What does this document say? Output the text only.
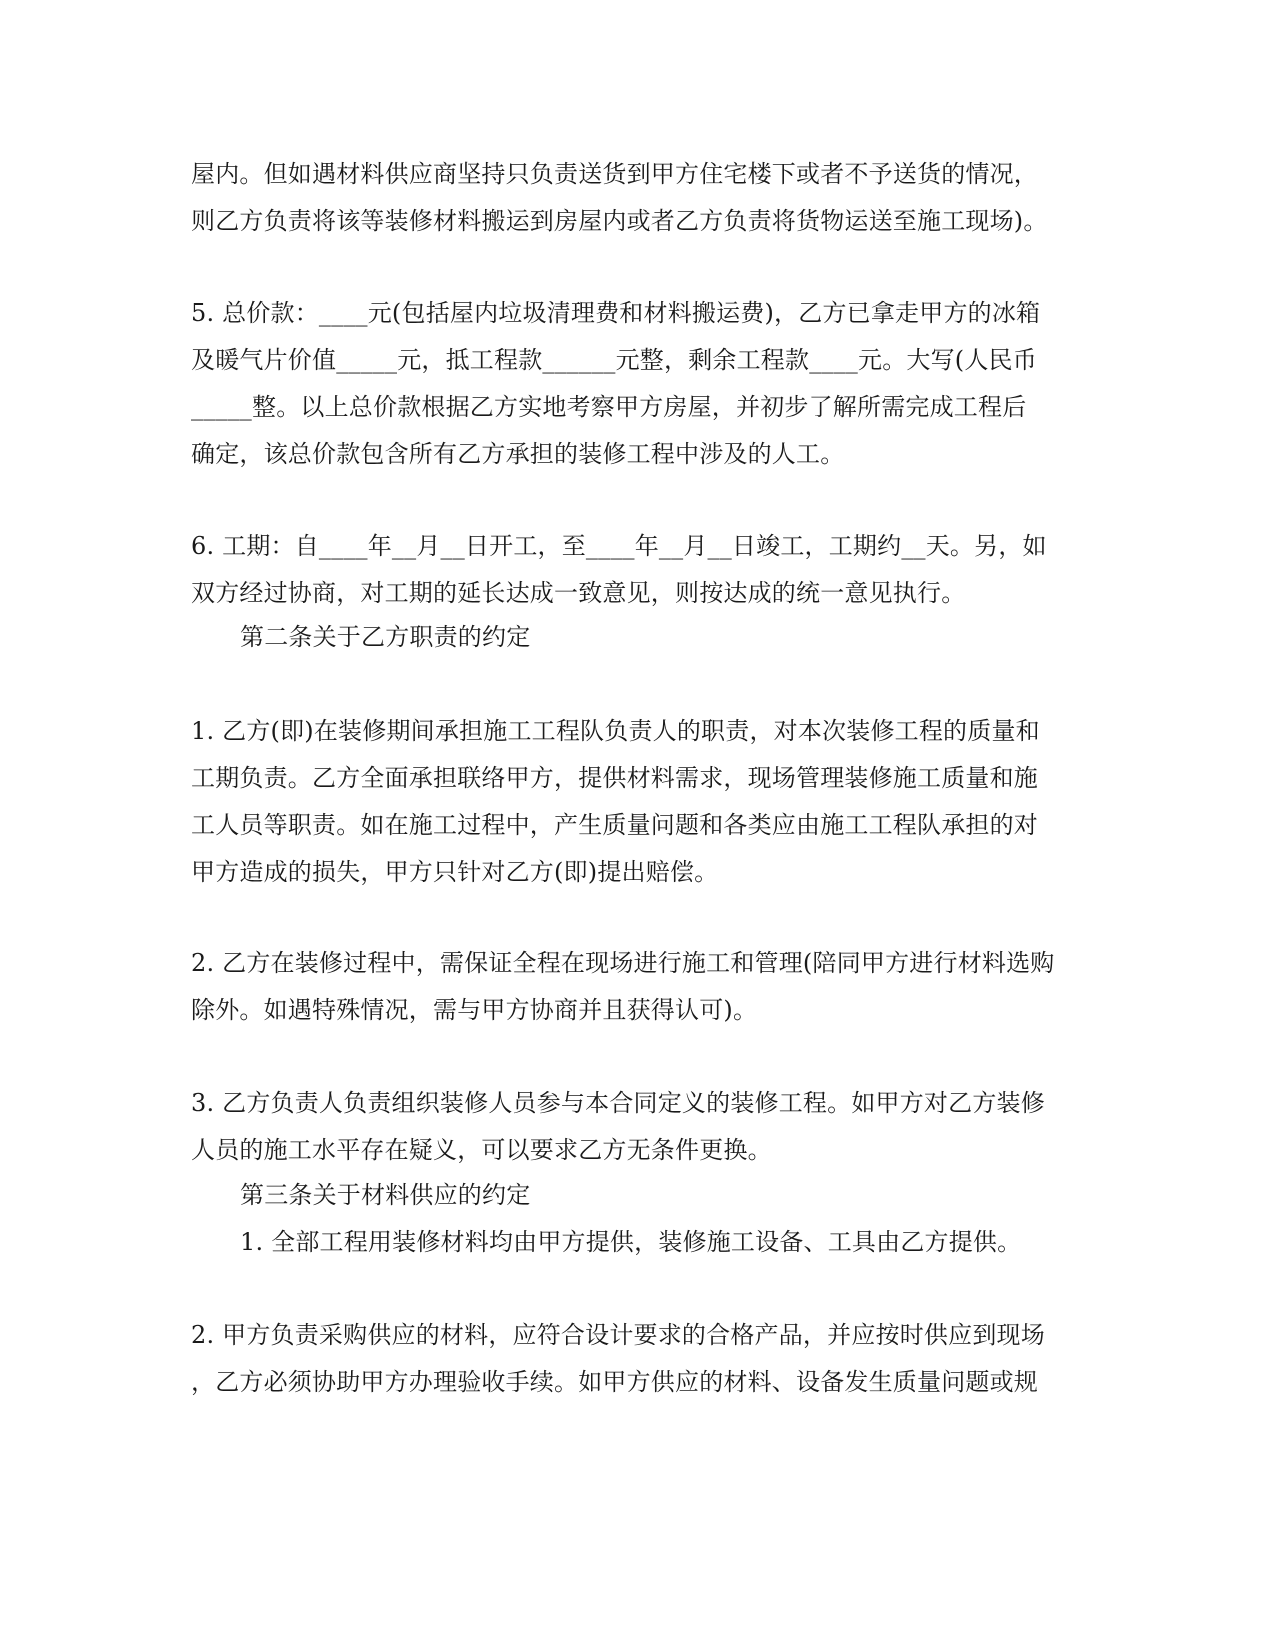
屋内。但如遇材料供应商坚持只负责送货到甲方住宅楼下或者不予送货的情况，
则乙方负责将该等装修材料搬运到房屋内或者乙方负责将货物运送至施工现场)。
5. 总价款：____元(包括屋内垃圾清理费和材料搬运费)，乙方已拿走甲方的冰箱
及暖气片价值_____元，抵工程款______元整，剩余工程款____元。大写(人民币
_____整。以上总价款根据乙方实地考察甲方房屋，并初步了解所需完成工程后
确定，该总价款包含所有乙方承担的装修工程中涉及的人工。
6. 工期：自____年__月__日开工，至____年__月__日竣工，工期约__天。另，如
双方经过协商，对工期的延长达成一致意见，则按达成的统一意见执行。
第二条关于乙方职责的约定
1. 乙方(即)在装修期间承担施工工程队负责人的职责，对本次装修工程的质量和
工期负责。乙方全面承担联络甲方，提供材料需求，现场管理装修施工质量和施
工人员等职责。如在施工过程中，产生质量问题和各类应由施工工程队承担的对
甲方造成的损失，甲方只针对乙方(即)提出赔偿。
2. 乙方在装修过程中，需保证全程在现场进行施工和管理(陪同甲方进行材料选购
除外。如遇特殊情况，需与甲方协商并且获得认可)。
3. 乙方负责人负责组织装修人员参与本合同定义的装修工程。如甲方对乙方装修
人员的施工水平存在疑义，可以要求乙方无条件更换。
第三条关于材料供应的约定
1. 全部工程用装修材料均由甲方提供，装修施工设备、工具由乙方提供。
2. 甲方负责采购供应的材料，应符合设计要求的合格产品，并应按时供应到现场
，乙方必须协助甲方办理验收手续。如甲方供应的材料、设备发生质量问题或规
